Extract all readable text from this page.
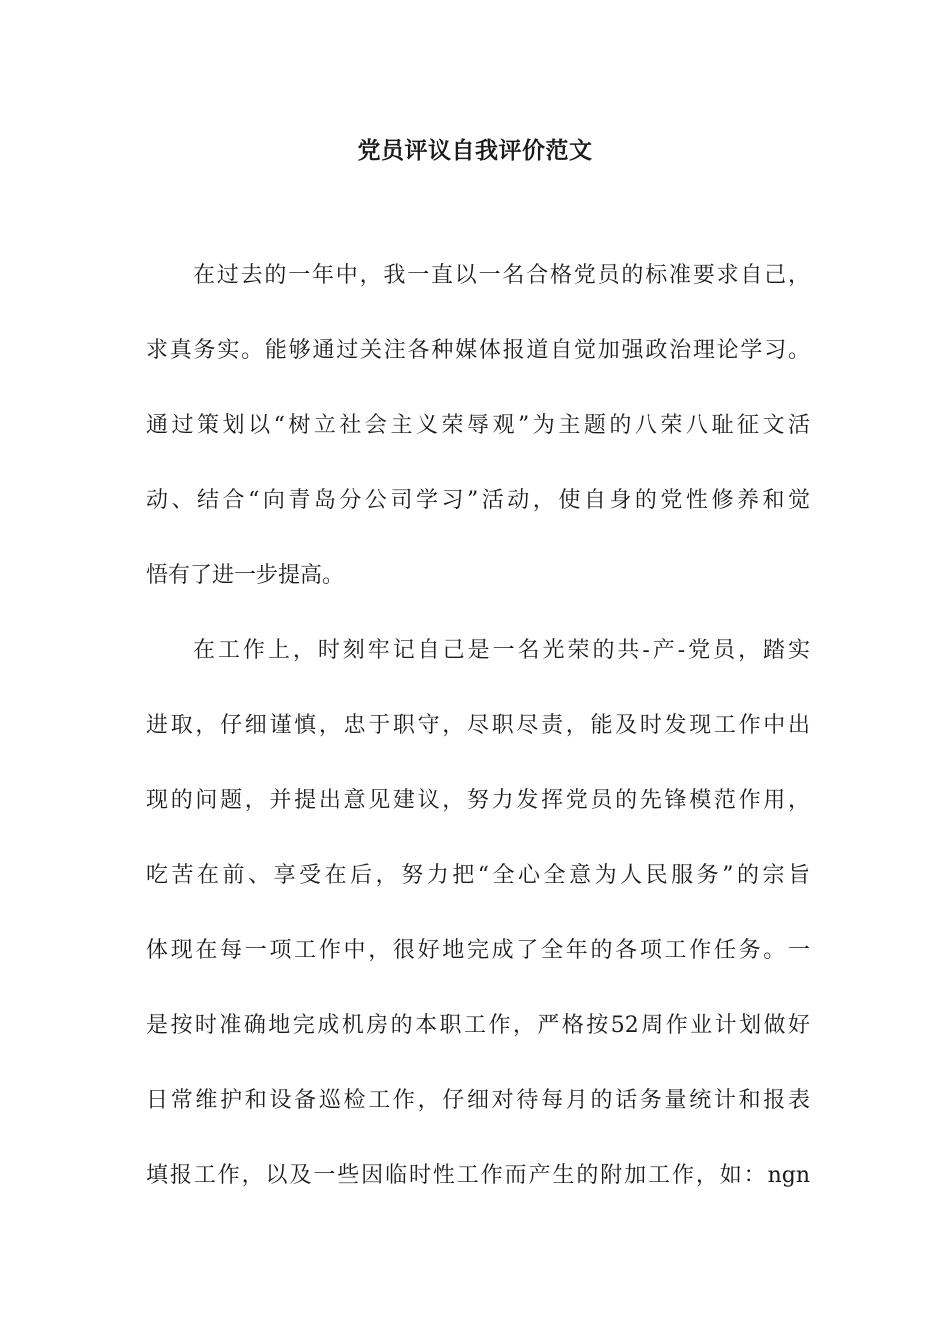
党员评议自我评价范文
在过去的一年中，我一直以一名合格党员的标准要求自己，
求真务实。能够通过关注各种媒体报道自觉加强政治理论学习。
通过策划以“树立社会主义荣辱观”为主题的八荣八耻征文活
动、结合“向青岛分公司学习”活动，使自身的党性修养和觉
悟有了进一步提高。
在工作上，时刻牢记自己是一名光荣的共-产-党员，踏实
进取，仔细谨慎，忠于职守，尽职尽责，能及时发现工作中出
现的问题，并提出意见建议，努力发挥党员的先锋模范作用，
吃苦在前、享受在后，努力把“全心全意为人民服务”的宗旨
体现在每一项工作中，很好地完成了全年的各项工作任务。一
是按时准确地完成机房的本职工作，严格按52周作业计划做好
日常维护和设备巡检工作，仔细对待每月的话务量统计和报表
填报工作，以及一些因临时性工作而产生的附加工作，如：ngn
